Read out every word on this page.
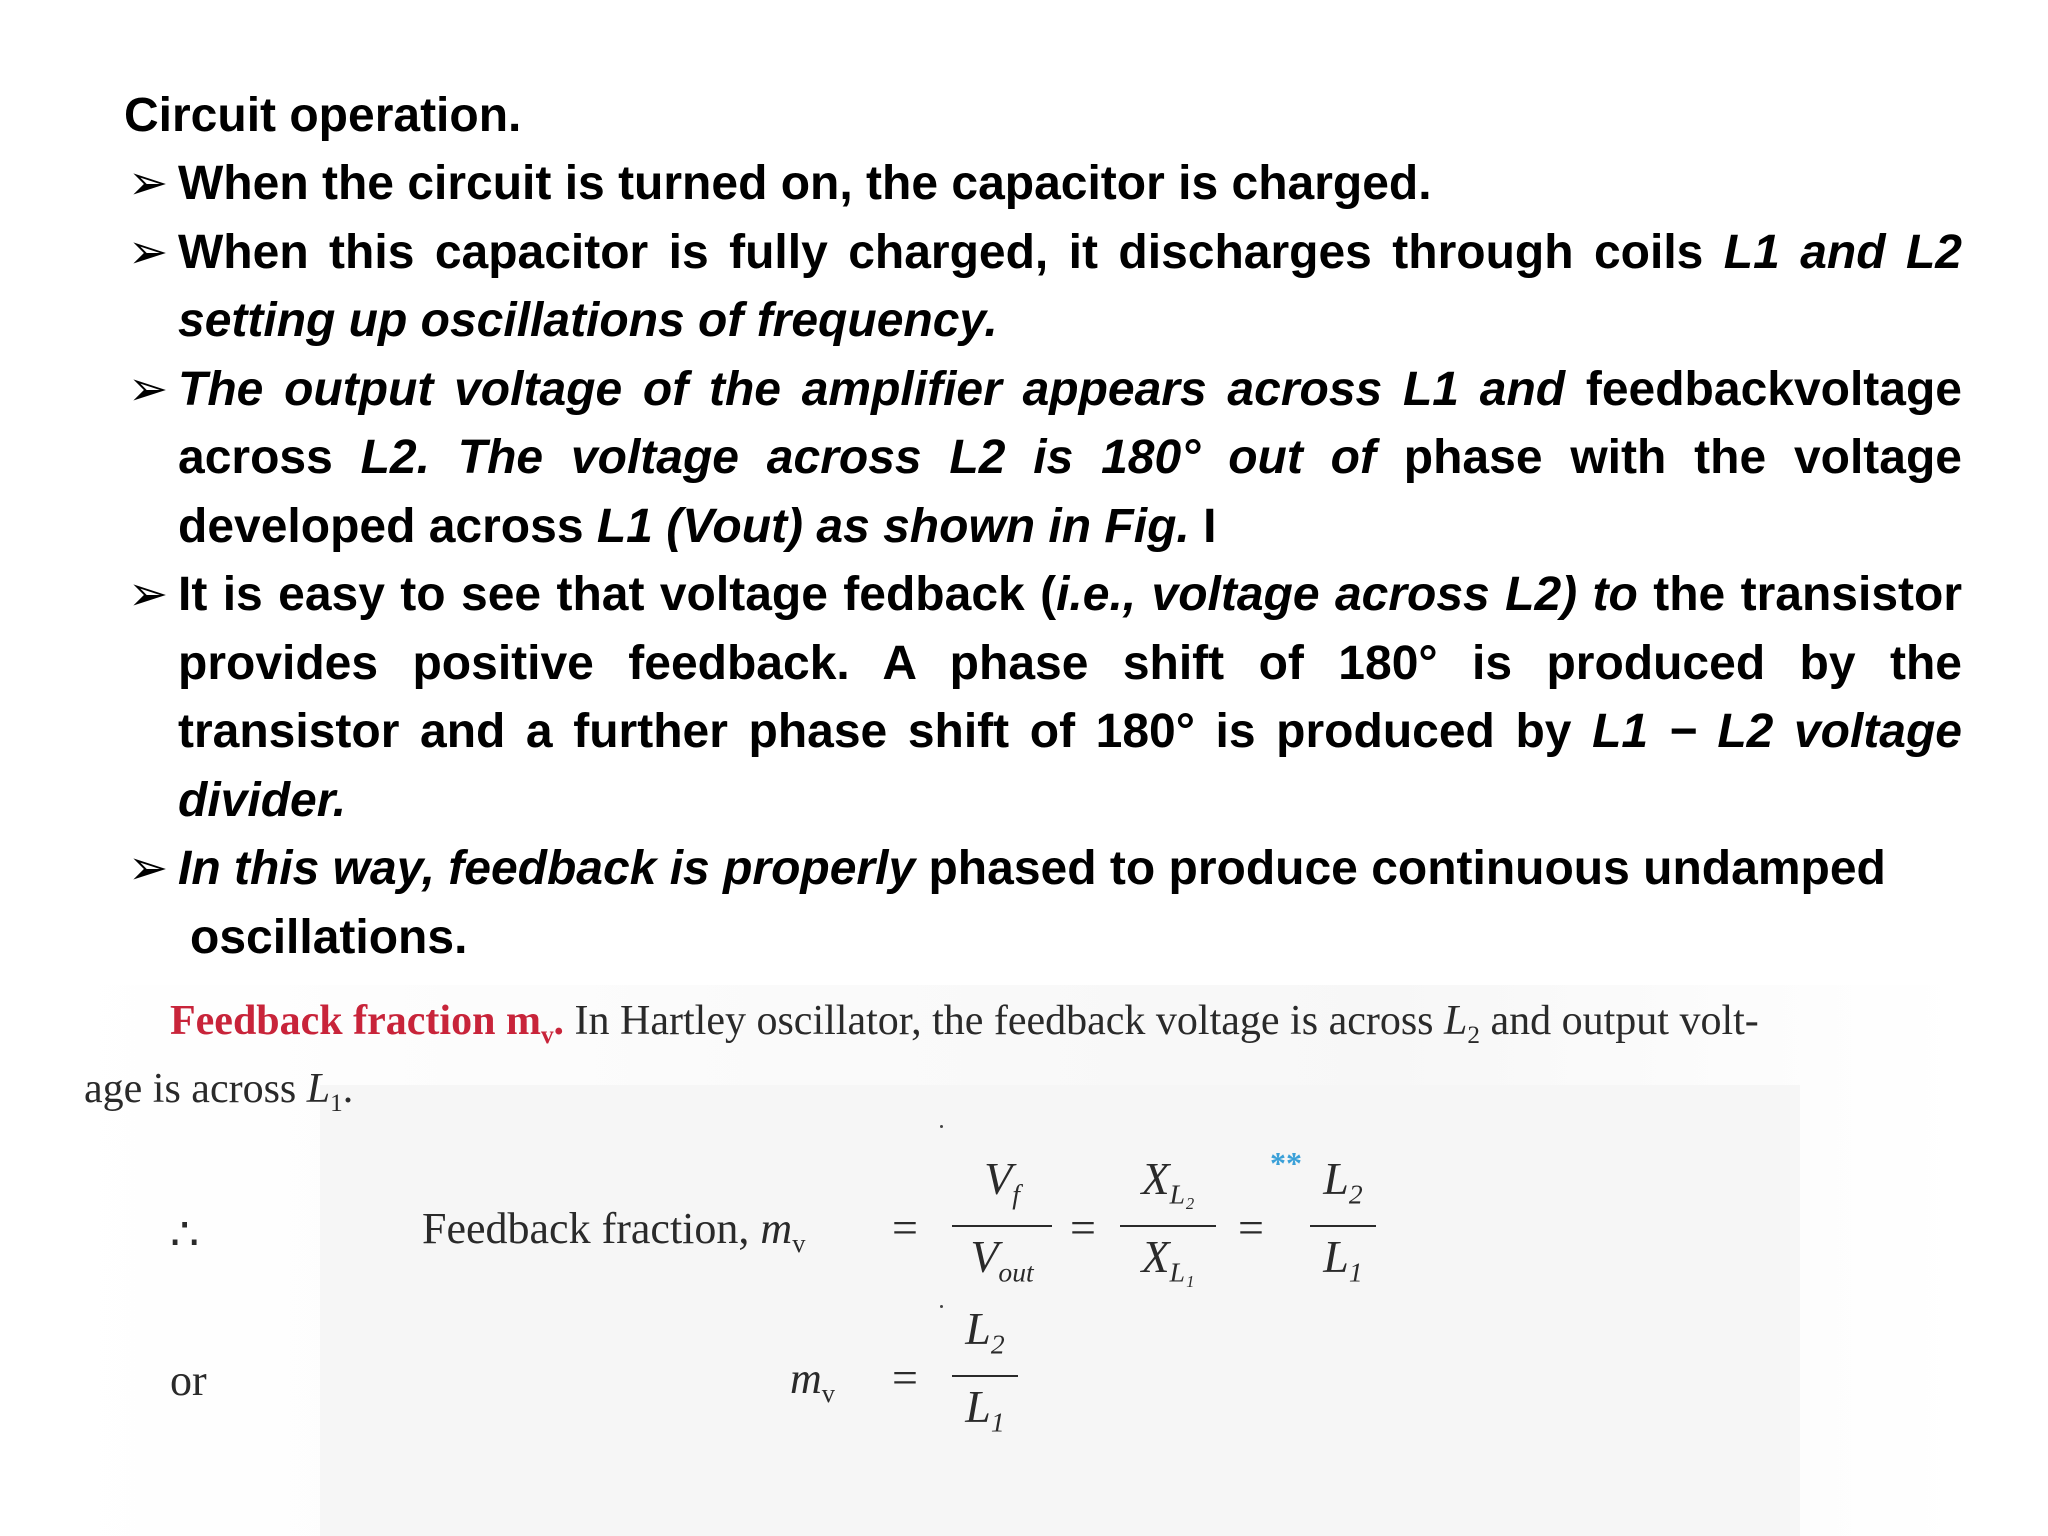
Circuit operation.
➢ When the circuit is turned on, the capacitor is charged.
➢ When this capacitor is fully charged, it discharges through coils L1 and L2 setting up oscillations of frequency.
➢ The output voltage of the amplifier appears across L1 and feedbackvoltage across L2. The voltage across L2 is 180° out of phase with the voltage developed across L1 (Vout) as shown in Fig. I
➢ It is easy to see that voltage fedback (i.e., voltage across L2) to the transistor provides positive feedback. A phase shift of 180° is produced by the transistor and a further phase shift of 180° is produced by L1 − L2 voltage divider.
➢ In this way, feedback is properly phased to produce continuous undamped
oscillations.
Feedback fraction $m_v$. In Hartley oscillator, the feedback voltage is across $L_2$ and output volt-
age is across $L_1$.
∴	Feedback fraction, $m_v$ =
$V_f$
$V_{out}$
=
$X_{L_2}$
$X_{L_1}$
=
** $L_2$
$L_1$
or	$m_v$ =
$L_2$
$L_1$
